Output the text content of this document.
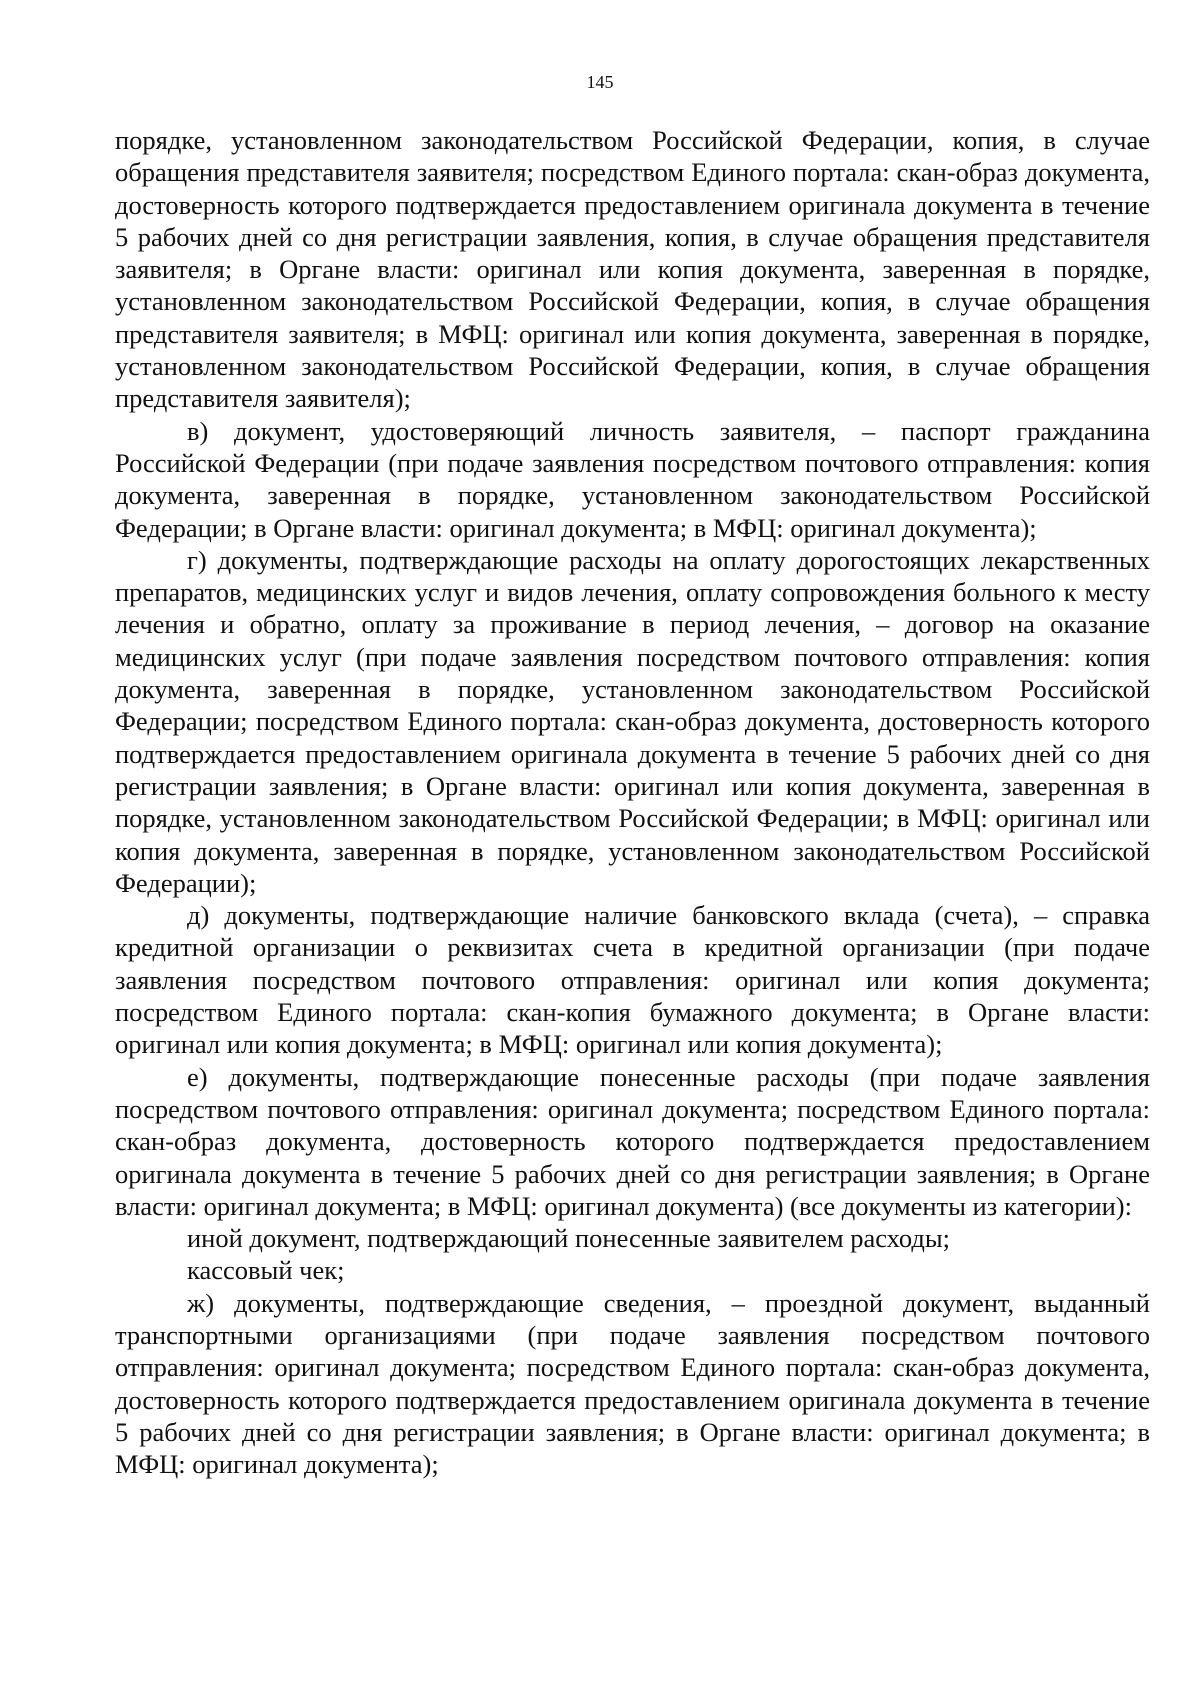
145

порядке, установленном законодательством Российской Федерации, копия, в случае обращения представителя заявителя; посредством Единого портала: скан-образ документа, достоверность которого подтверждается предоставлением оригинала документа в течение 5 рабочих дней со дня регистрации заявления, копия, в случае обращения представителя заявителя; в Органе власти: оригинал или копия документа, заверенная в порядке, установленном законодательством Российской Федерации, копия, в случае обращения представителя заявителя; в МФЦ: оригинал или копия документа, заверенная в порядке, установленном законодательством Российской Федерации, копия, в случае обращения представителя заявителя);

в) документ, удостоверяющий личность заявителя, – паспорт гражданина Российской Федерации (при подаче заявления посредством почтового отправления: копия документа, заверенная в порядке, установленном законодательством Российской Федерации; в Органе власти: оригинал документа; в МФЦ: оригинал документа);

г) документы, подтверждающие расходы на оплату дорогостоящих лекарственных препаратов, медицинских услуг и видов лечения, оплату сопровождения больного к месту лечения и обратно, оплату за проживание в период лечения, – договор на оказание медицинских услуг (при подаче заявления посредством почтового отправления: копия документа, заверенная в порядке, установленном законодательством Российской Федерации; посредством Единого портала: скан-образ документа, достоверность которого подтверждается предоставлением оригинала документа в течение 5 рабочих дней со дня регистрации заявления; в Органе власти: оригинал или копия документа, заверенная в порядке, установленном законодательством Российской Федерации; в МФЦ: оригинал или копия документа, заверенная в порядке, установленном законодательством Российской Федерации);

д) документы, подтверждающие наличие банковского вклада (счета), – справка кредитной организации о реквизитах счета в кредитной организации (при подаче заявления посредством почтового отправления: оригинал или копия документа; посредством Единого портала: скан-копия бумажного документа; в Органе власти: оригинал или копия документа; в МФЦ: оригинал или копия документа);

е) документы, подтверждающие понесенные расходы (при подаче заявления посредством почтового отправления: оригинал документа; посредством Единого портала: скан-образ документа, достоверность которого подтверждается предоставлением оригинала документа в течение 5 рабочих дней со дня регистрации заявления; в Органе власти: оригинал документа; в МФЦ: оригинал документа) (все документы из категории):

иной документ, подтверждающий понесенные заявителем расходы;

кассовый чек;

ж) документы, подтверждающие сведения, – проездной документ, выданный транспортными организациями (при подаче заявления посредством почтового отправления: оригинал документа; посредством Единого портала: скан-образ документа, достоверность которого подтверждается предоставлением оригинала документа в течение 5 рабочих дней со дня регистрации заявления; в Органе власти: оригинал документа; в МФЦ: оригинал документа);
